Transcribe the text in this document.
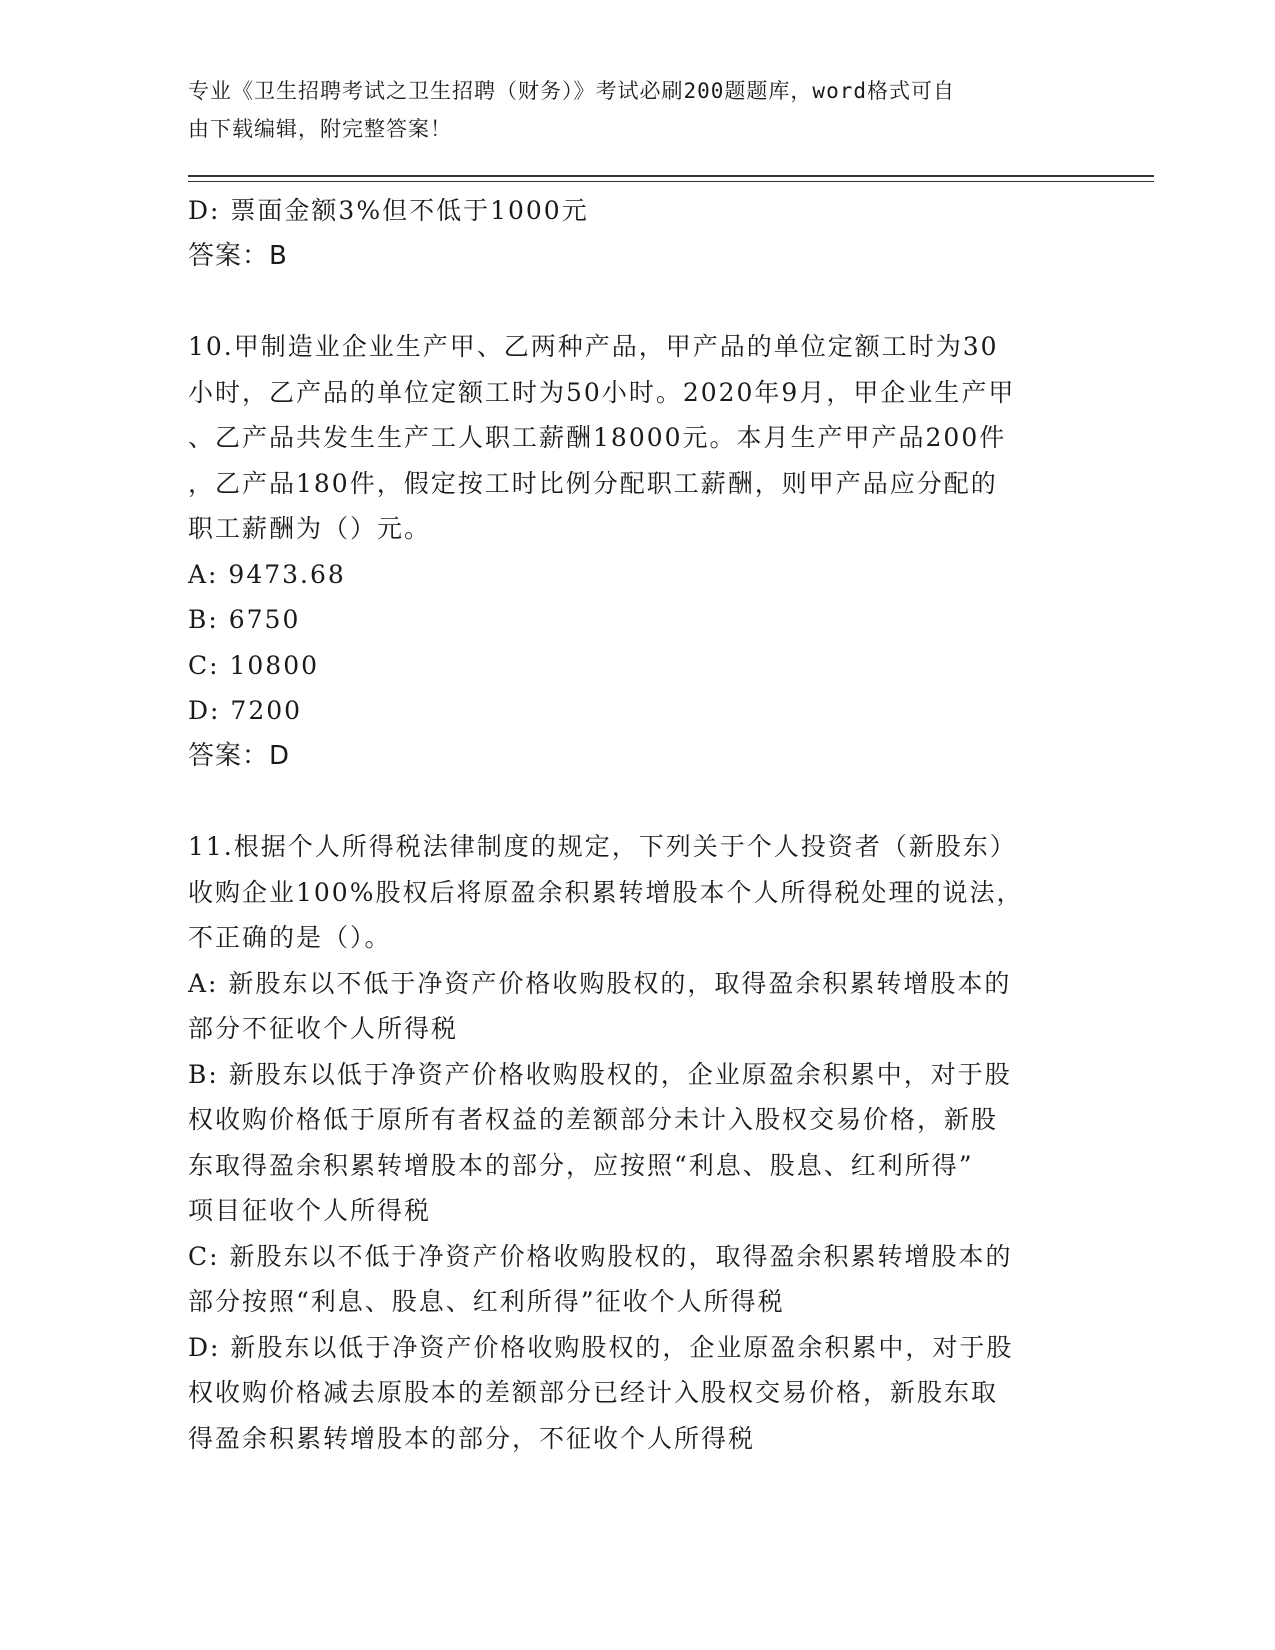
专业《卫生招聘考试之卫生招聘（财务）》考试必刷200题题库，word格式可自
由下载编辑，附完整答案！

D: 票面金额3%但不低于1000元

答案：B

10.甲制造业企业生产甲、乙两种产品，甲产品的单位定额工时为30

小时，乙产品的单位定额工时为50小时。2020年9月，甲企业生产甲

、乙产品共发生生产工人职工薪酬18000元。本月生产甲产品200件

，乙产品180件，假定按工时比例分配职工薪酬，则甲产品应分配的

职工薪酬为（）元。

A: 9473.68

B: 6750

C: 10800

D: 7200

答案：D

11.根据个人所得税法律制度的规定，下列关于个人投资者（新股东）

收购企业100%股权后将原盈余积累转增股本个人所得税处理的说法，

不正确的是（）。

A: 新股东以不低于净资产价格收购股权的，取得盈余积累转增股本的

部分不征收个人所得税

B: 新股东以低于净资产价格收购股权的，企业原盈余积累中，对于股

权收购价格低于原所有者权益的差额部分未计入股权交易价格，新股

东取得盈余积累转增股本的部分，应按照“利息、股息、红利所得”

项目征收个人所得税

C: 新股东以不低于净资产价格收购股权的，取得盈余积累转增股本的

部分按照“利息、股息、红利所得”征收个人所得税

D: 新股东以低于净资产价格收购股权的，企业原盈余积累中，对于股

权收购价格减去原股本的差额部分已经计入股权交易价格，新股东取

得盈余积累转增股本的部分，不征收个人所得税
